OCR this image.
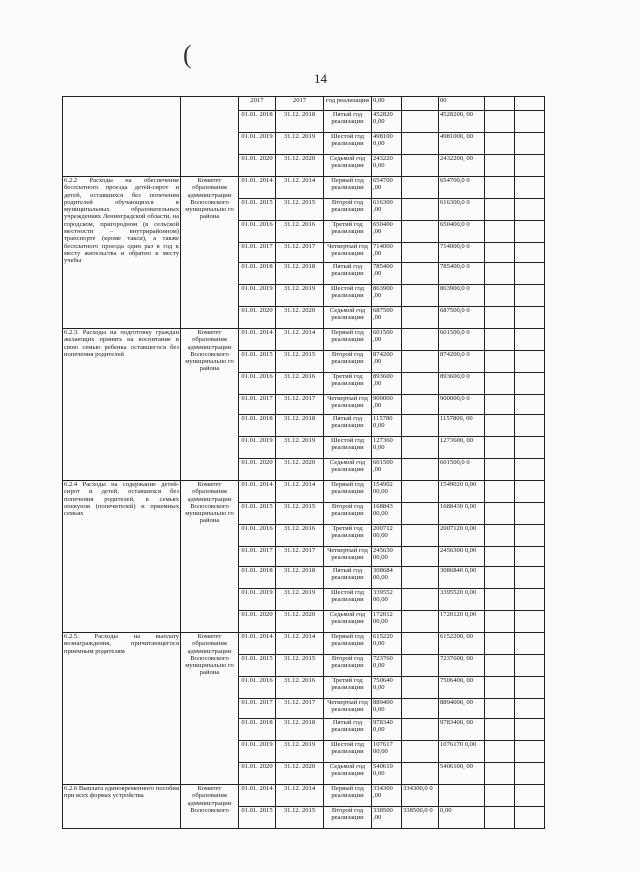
(
14
		2017	2017	год реализации	0,00		00		
		01.01. 2018	31.12. 2018	Пятый год реализации	452820 0,00		4528200, 00		
		01.01. 2019	31.12. 2019	Шестой год реализации	498100 0,00		4981000, 00		
		01.01. 2020	31.12. 2020	Седьмой год реализации	243220 0,00		2432200, 00		
6.2.2 Расходы на обеспечение бесплатного проезда детей-сирот и детей, оставшихся без попечения родителей обучающихся в муниципальных образовательных учреждениях Ленинградской области, на городском, пригородном (в сельской местности – внутрирайонном) транспорте (кроме такси), а также бесплатного проезда один раз в год к месту жительства и обратно к месту учебы	Комитет образования администрации Волосовского муниципально го района	01.01. 2014	31.12. 2014	Первый год реализации	654700 ,00		654700,0 0		
		01.01. 2015	31.12. 2015	Второй год реализации	616300 ,00		616300,0 0		
		01.01. 2016	31.12. 2016	Третий год реализации	650400 ,00		650400,0 0		
		01.01. 2017	31.12. 2017	Четвертый год реализации	714000 ,00		714000,0 0		
		01.01. 2018	31.12. 2018	Пятый год реализации	785400 ,00		785400,0 0		
		01.01. 2019	31.12. 2019	Шестой год реализации	863900 ,00		863900,0 0		
		01.01. 2020	31.12. 2020	Седьмой год реализации	687500 ,00		687500,0 0		
6.2.3. Расходы на подготовку граждан желающих принять на воспитание в свою семью ребенка оставшегося без попечения родителей	Комитет образования администрации Волосовского муниципально го района	01.01. 2014	31.12. 2014	Первый год реализации	601500 ,00		601500,0 0		
		01.01. 2015	31.12. 2015	Второй год реализации	874200 ,00		874200,0 0		
		01.01. 2016	31.12. 2016	Третий год реализации	893600 ,00		893600,0 0		
		01.01. 2017	31.12. 2017	Четвертый год реализации	900000 ,00		900000,0 0		
		01.01. 2018	31.12. 2018	Пятый год реализации	115780 0,00		1157800, 00		
		01.01. 2019	31.12. 2019	Шестой год реализации	127360 0,00		1273600, 00		
		01.01. 2020	31.12. 2020	Седьмой год реализации	601500 ,00		601500,0 0		
6.2.4 Расходы на содержание детей-сирот и детей, оставшихся без попечения родителей, в семьях опекунов (попечителей) и приемных семьях	Комитет образования администрации Волосовского муниципально го района	01.01. 2014	31.12. 2014	Первый год реализации	154902 00,00		1549020 0,00		
		01.01. 2015	31.12. 2015	Второй год реализации	168843 00,00		1688430 0,00		
		01.01. 2016	31.12. 2016	Третий год реализации	200712 00,00		2007120 0,00		
		01.01. 2017	31.12. 2017	Четвертый год реализации	245630 00,00		2456300 0,00		
		01.01. 2018	31.12. 2018	Пятый год реализации	308684 00,00		3086840 0,00		
		01.01. 2019	31.12. 2019	Шестой год реализации	339552 00,00		3395520 0,00		
		01.01. 2020	31.12. 2020	Седьмой год реализации	172012 00,00		1720120 0,00		
6.2.5. Расходы на выплату вознаграждения, причитающегося приемным родителям	Комитет образования администрации Волосовского муниципально го района	01.01. 2014	31.12. 2014	Первый год реализации	615220 0,00		6152200, 00		
		01.01. 2015	31.12. 2015	Второй год реализации	723760 0,00		7237600, 00		
		01.01. 2016	31.12. 2016	Третий год реализации	750640 0,00		7506400, 00		
		01.01. 2017	31.12. 2017	Четвертый год реализации	889400 0,00		8894000, 00		
		01.01. 2018	31.12. 2018	Пятый год реализации	978340 0,00		9783400, 00		
		01.01. 2019	31.12. 2019	Шестой год реализации	107617 00,00		1076170 0,00		
		01.01. 2020	31.12. 2020	Седьмой год реализации	540610 0,00		5406100, 00		
6.2.6 Выплата единовременного пособия при всех формах устройства	Комитет образования администрации Волосовского	01.01. 2014	31.12. 2014	Первый год реализации	334300 ,00	334300,0 0			
		01.01. 2015	31.12. 2015	Второй год реализации	338500 ,00	338500,0 0	0,00		
